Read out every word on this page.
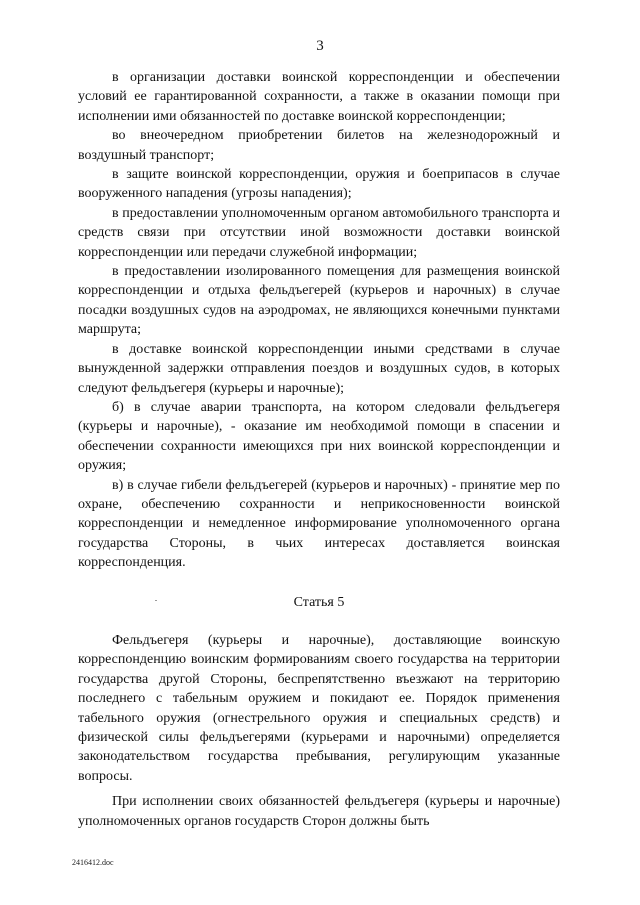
3

в организации доставки воинской корреспонденции и обеспечении условий ее гарантированной сохранности, а также в оказании помощи при исполнении ими обязанностей по доставке воинской корреспонденции;

во внеочередном приобретении билетов на железнодорожный и воздушный транспорт;

в защите воинской корреспонденции, оружия и боеприпасов в случае вооруженного нападения (угрозы нападения);

в предоставлении уполномоченным органом автомобильного транспорта и средств связи при отсутствии иной возможности доставки воинской корреспонденции или передачи служебной информации;

в предоставлении изолированного помещения для размещения воинской корреспонденции и отдыха фельдъегерей (курьеров и нарочных) в случае посадки воздушных судов на аэродромах, не являющихся конечными пунктами маршрута;

в доставке воинской корреспонденции иными средствами в случае вынужденной задержки отправления поездов и воздушных судов, в которых следуют фельдъегеря (курьеры и нарочные);

б) в случае аварии транспорта, на котором следовали фельдъегеря (курьеры и нарочные), - оказание им необходимой помощи в спасении и обеспечении сохранности имеющихся при них воинской корреспонденции и оружия;

в) в случае гибели фельдъегерей (курьеров и нарочных) - принятие мер по охране, обеспечению сохранности и неприкосновенности воинской корреспонденции и немедленное информирование уполномоченного органа государства Стороны, в чьих интересах доставляется воинская корреспонденция.

Статья 5

Фельдъегеря (курьеры и нарочные), доставляющие воинскую корреспонденцию воинским формированиям своего государства на территории государства другой Стороны, беспрепятственно въезжают на территорию последнего с табельным оружием и покидают ее. Порядок применения табельного оружия (огнестрельного оружия и специальных средств) и физической силы фельдъегерями (курьерами и нарочными) определяется законодательством государства пребывания, регулирующим указанные вопросы.

При исполнении своих обязанностей фельдъегеря (курьеры и нарочные) уполномоченных органов государств Сторон должны быть

2416412.doc
